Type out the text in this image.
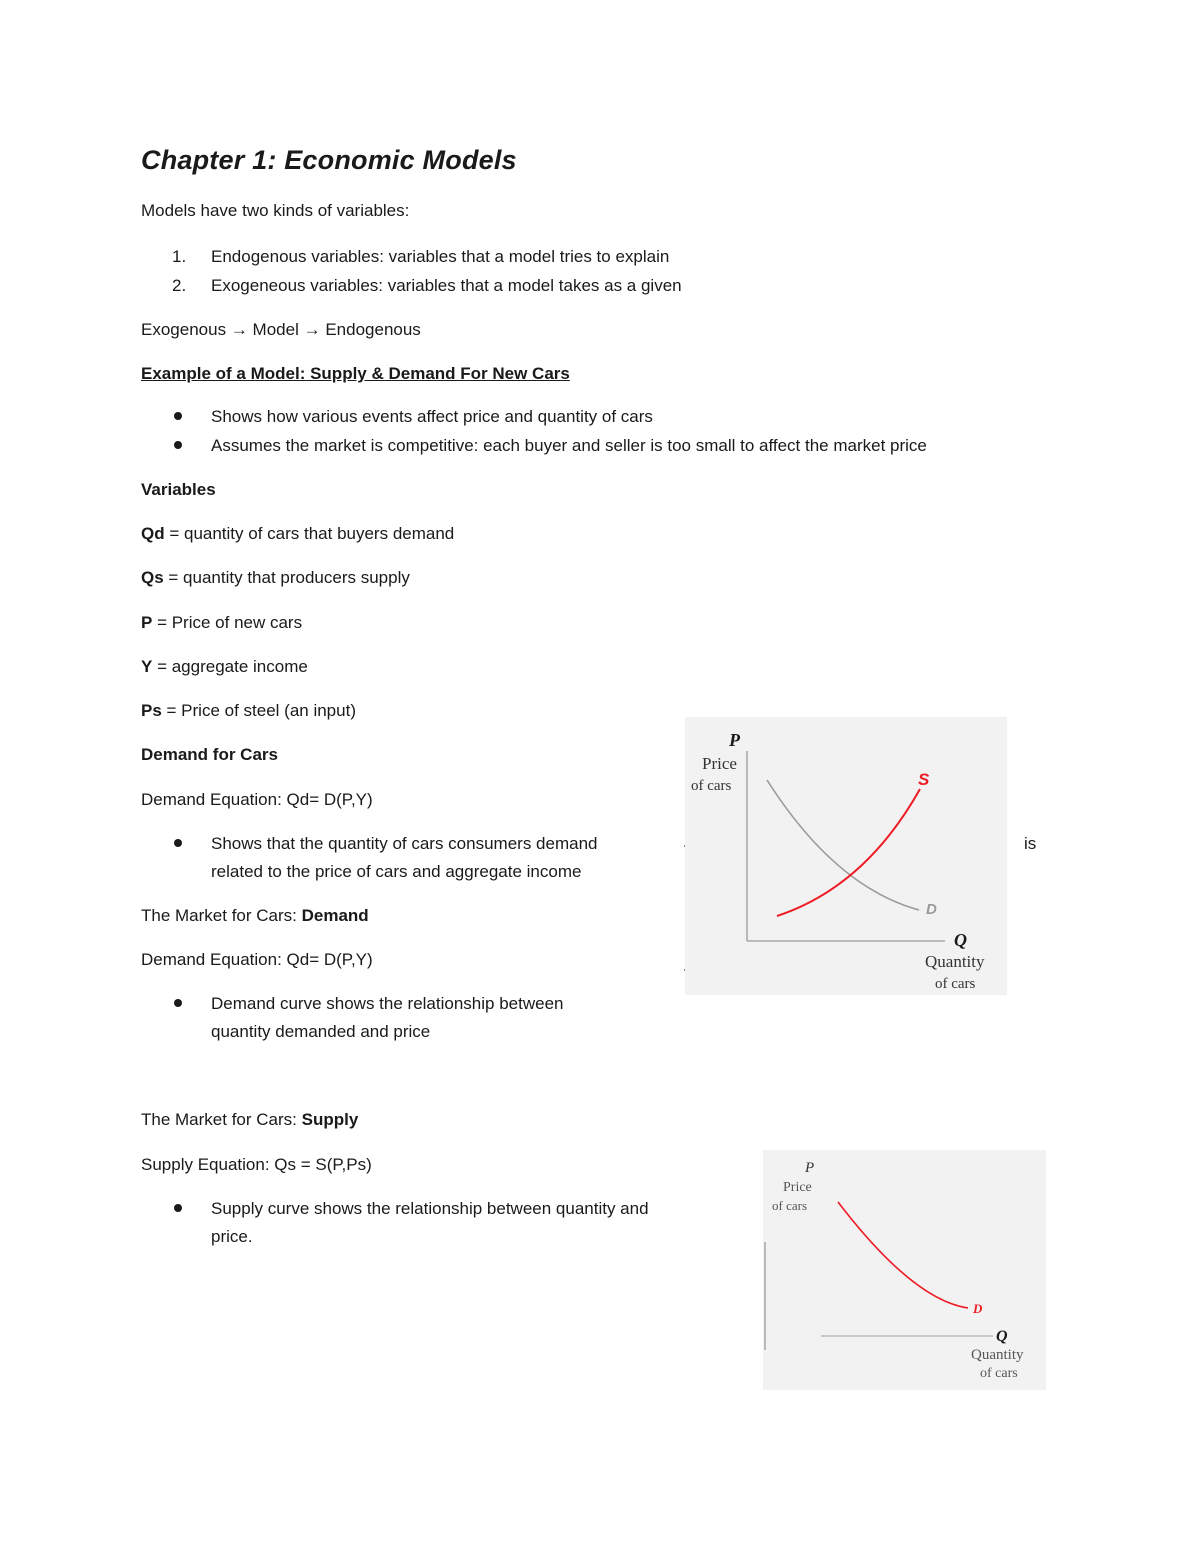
Chapter 1: Economic Models
Models have two kinds of variables:
1. Endogenous variables: variables that a model tries to explain
2. Exogeneous variables: variables that a model takes as a given
Exogenous → Model → Endogenous
Example of a Model: Supply & Demand For New Cars
Shows how various events affect price and quantity of cars
Assumes the market is competitive: each buyer and seller is too small to affect the market price
Variables
Qd = quantity of cars that buyers demand
Qs = quantity that producers supply
P = Price of new cars
Y = aggregate income
Ps = Price of steel (an input)
Demand for Cars
Demand Equation: Qd= D(P,Y)
Shows that the quantity of cars consumers demand	is
related to the price of cars and aggregate income
The Market for Cars: Demand
Demand Equation: Qd= D(P,Y)
Demand curve shows the relationship between
quantity demanded and price
The Market for Cars: Supply
Supply Equation: Qs = S(P,Ps)
Supply curve shows the relationship between quantity and
price.
P
Price
of cars	S
D
Q
Quantity
of cars
P
Price
of cars
D
Q
Quantity
of cars
